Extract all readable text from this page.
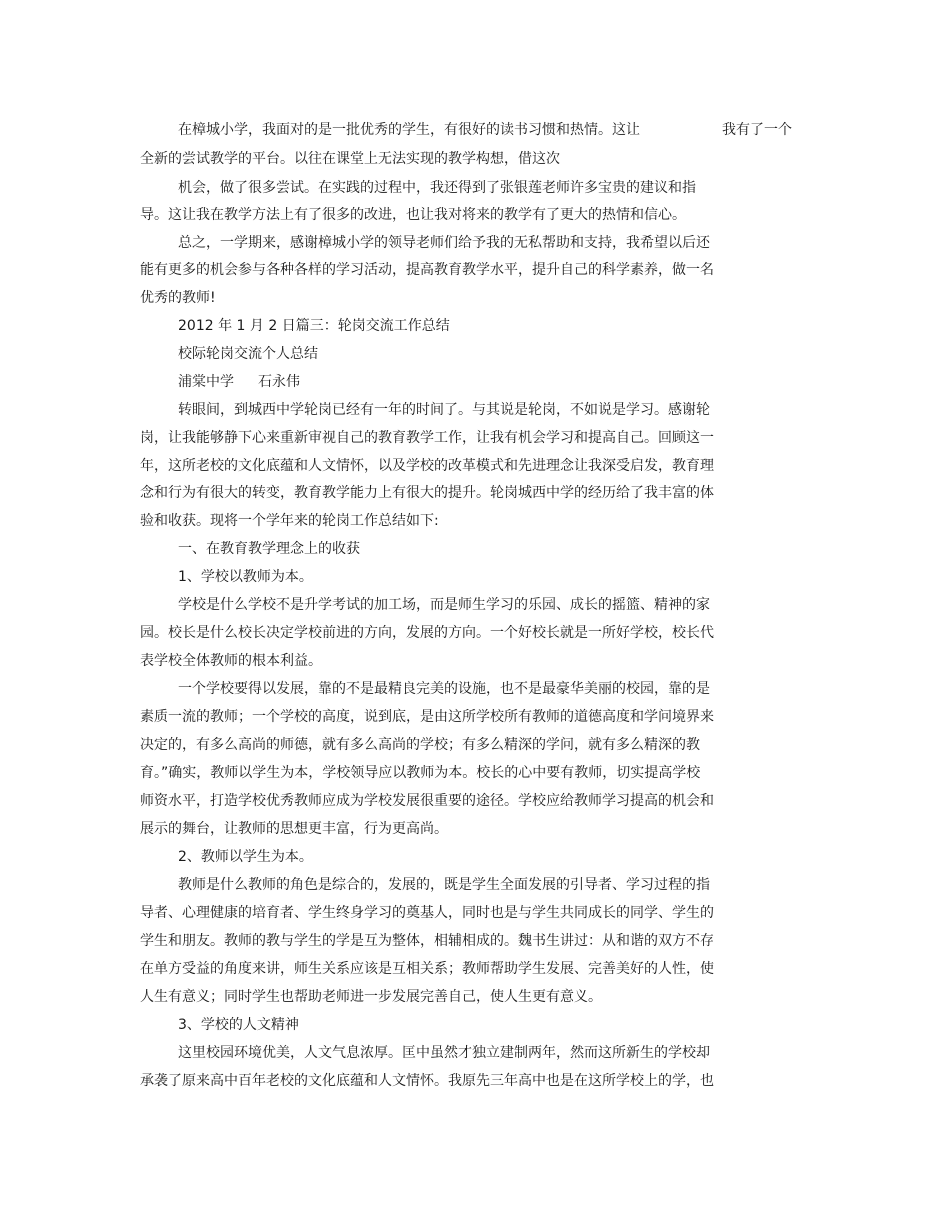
在樟城小学，我面对的是一批优秀的学生，有很好的读书习惯和热情。这让	我有了一个

全新的尝试教学的平台。以往在课堂上无法实现的教学构想，借这次

机会，做了很多尝试。在实践的过程中，我还得到了张银莲老师许多宝贵的建议和指

导。这让我在教学方法上有了很多的改进，也让我对将来的教学有了更大的热情和信心。

总之，一学期来，感谢樟城小学的领导老师们给予我的无私帮助和支持，我希望以后还

能有更多的机会参与各种各样的学习活动，提高教育教学水平，提升自己的科学素养，做一名

优秀的教师!

2012 年 1 月 2 日篇三：轮岗交流工作总结

校际轮岗交流个人总结

浦棠中学 石永伟

转眼间，到城西中学轮岗已经有一年的时间了。与其说是轮岗，不如说是学习。感谢轮

岗，让我能够静下心来重新审视自己的教育教学工作，让我有机会学习和提高自己。回顾这一

年，这所老校的文化底蕴和人文情怀，以及学校的改革模式和先进理念让我深受启发，教育理

念和行为有很大的转变，教育教学能力上有很大的提升。轮岗城西中学的经历给了我丰富的体

验和收获。现将一个学年来的轮岗工作总结如下:

一、在教育教学理念上的收获

1、学校以教师为本。

学校是什么学校不是升学考试的加工场，而是师生学习的乐园、成长的摇篮、精神的家

园。校长是什么校长决定学校前进的方向，发展的方向。一个好校长就是一所好学校，校长代

表学校全体教师的根本利益。

一个学校要得以发展，靠的不是最精良完美的设施，也不是最豪华美丽的校园，靠的是

素质一流的教师；一个学校的高度，说到底，是由这所学校所有教师的道德高度和学问境界来

决定的，有多么高尚的师德，就有多么高尚的学校；有多么精深的学问，就有多么精深的教

育。”确实，教师以学生为本，学校领导应以教师为本。校长的心中要有教师，切实提高学校

师资水平，打造学校优秀教师应成为学校发展很重要的途径。学校应给教师学习提高的机会和

展示的舞台，让教师的思想更丰富，行为更高尚。

2、教师以学生为本。

教师是什么教师的角色是综合的，发展的，既是学生全面发展的引导者、学习过程的指

导者、心理健康的培育者、学生终身学习的奠基人，同时也是与学生共同成长的同学、学生的

学生和朋友。教师的教与学生的学是互为整体，相辅相成的。魏书生讲过：从和谐的双方不存

在单方受益的角度来讲，师生关系应该是互相关系；教师帮助学生发展、完善美好的人性，使

人生有意义；同时学生也帮助老师进一步发展完善自己，使人生更有意义。

3、学校的人文精神

这里校园环境优美，人文气息浓厚。匡中虽然才独立建制两年，然而这所新生的学校却

承袭了原来高中百年老校的文化底蕴和人文情怀。我原先三年高中也是在这所学校上的学，也
